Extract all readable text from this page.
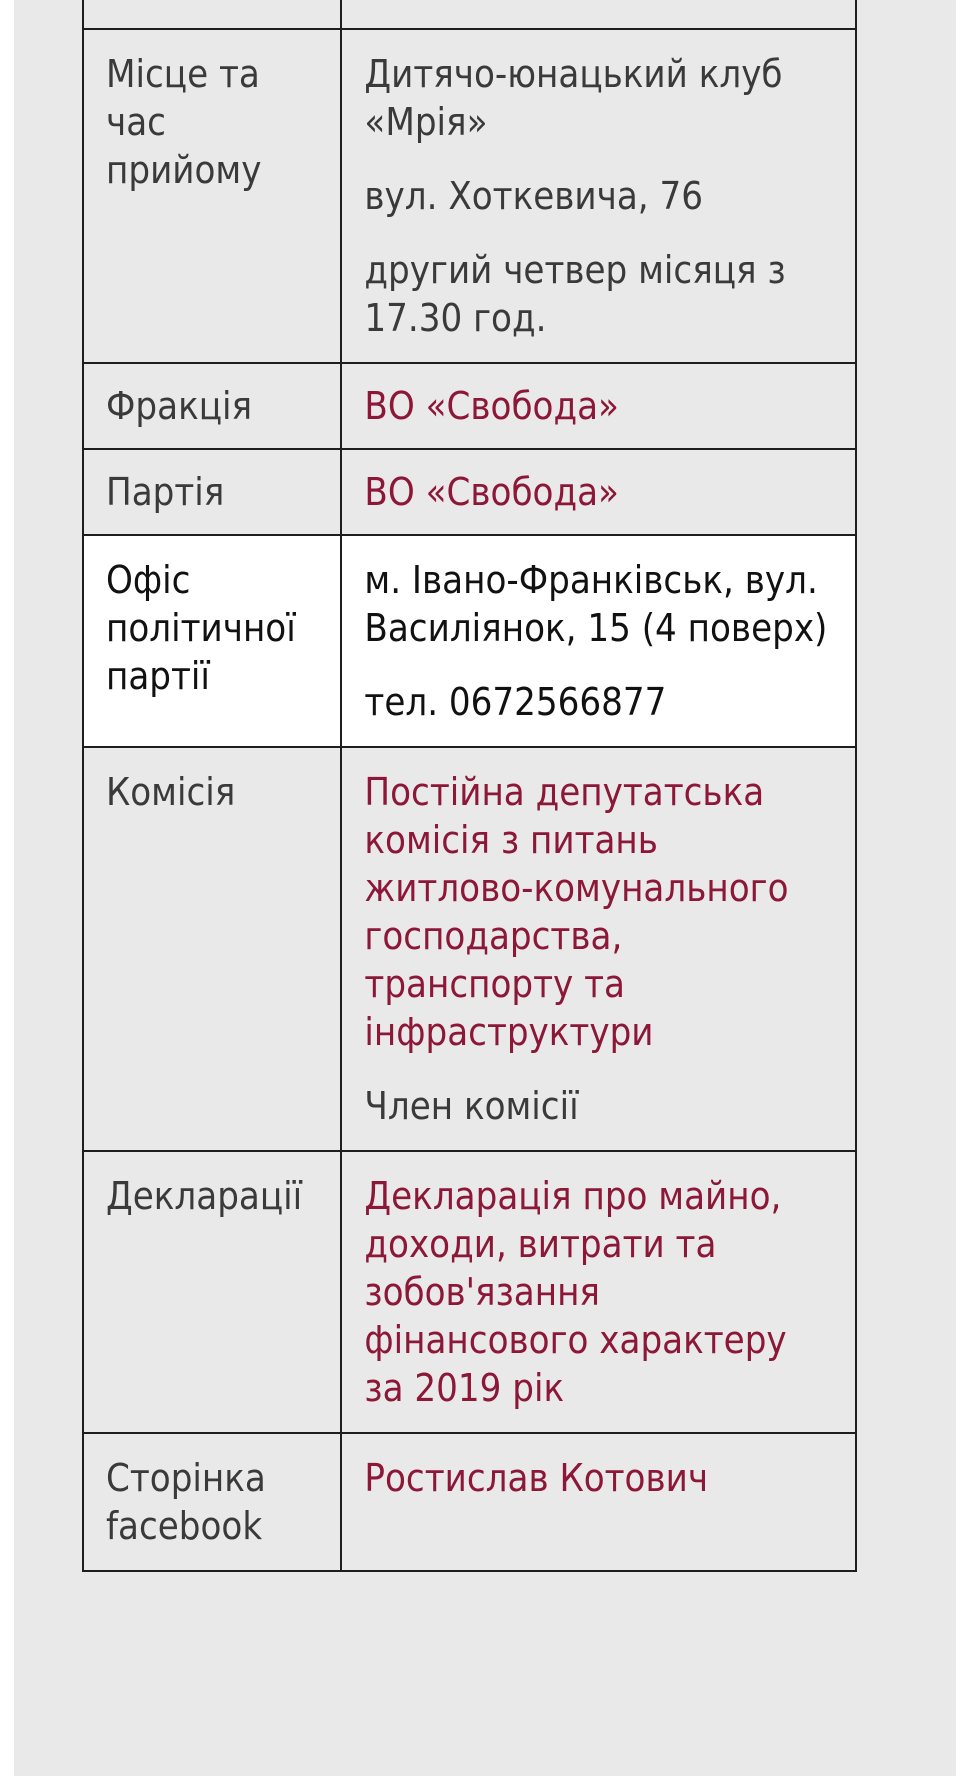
Місце та час прийому	Дитячо-юнацький клуб «Мрія»

вул. Хоткевича, 76

другий четвер місяця з 17.30 год.

Фракція	ВО «Свобода»
Партія	ВО «Свобода»
Офіс політичної партії	м. Івано-Франківськ, вул. Василіянок, 15 (4 поверх)

тел. 0672566877

Комісія	Постійна депутатська комісія з питань житлово-комунального господарства, транспорту та інфраструктури

Член комісії

Декларації	Декларація про майно, доходи, витрати та зобов'язання фінансового характеру за 2019 рік
Сторінка facebook	Ростислав Котович
